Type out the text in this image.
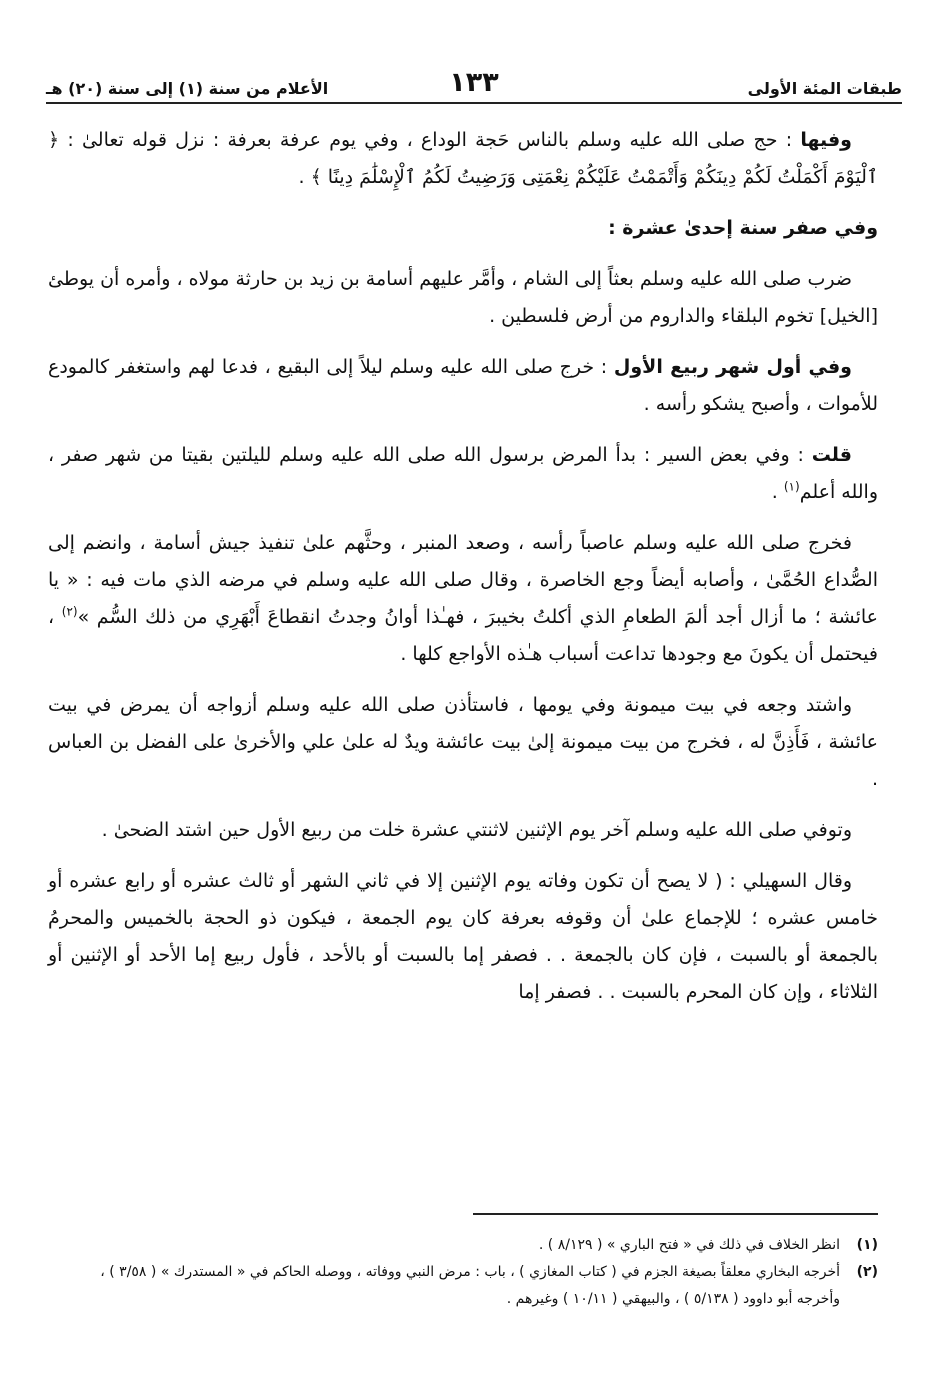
طبقات المئة الأولى
١٣٣
الأعلام من سنة (١) إلى سنة (٢٠) هـ

وفيها : حج صلى الله عليه وسلم بالناس حَجة الوداع ، وفي يوم عرفة بعرفة : نزل قوله تعالىٰ : ﴿ ٱلْيَوْمَ أَكْمَلْتُ لَكُمْ دِينَكُمْ وَأَتْمَمْتُ عَلَيْكُمْ نِعْمَتِى وَرَضِيتُ لَكُمُ ٱلْإِسْلَٰمَ دِينًا ﴾ .

وفي صفر سنة إحدىٰ عشرة :

ضرب صلى الله عليه وسلم بعثاً إلى الشام ، وأمَّر عليهم أسامة بن زيد بن حارثة مولاه ، وأمره أن يوطئ [الخيل] تخوم البلقاء والداروم من أرض فلسطين .

وفي أول شهر ربيع الأول : خرج صلى الله عليه وسلم ليلاً إلى البقيع ، فدعا لهم واستغفر كالمودع للأموات ، وأصبح يشكو رأسه .

قلت : وفي بعض السير : بدأ المرض برسول الله صلى الله عليه وسلم لليلتين بقيتا من شهر صفر ، والله أعلم$^{(١)}$ .

فخرج صلى الله عليه وسلم عاصباً رأسه ، وصعد المنبر ، وحثَّهم علىٰ تنفيذ جيش أسامة ، وانضم إلى الصُّداع الحُمَّىٰ ، وأصابه أيضاً وجع الخاصرة ، وقال صلى الله عليه وسلم في مرضه الذي مات فيه : « يا عائشة ؛ ما أزال أجد ألمَ الطعامِ الذي أكلتُ بخيبرَ ، فهـٰذا أوانُ وجدتُ انقطاعَ أَبْهَرِي من ذلك السُّم »$^{(٢)}$ ، فيحتمل أن يكونَ مع وجودها تداعت أسباب هـٰذه الأواجع كلها .

واشتد وجعه في بيت ميمونة وفي يومها ، فاستأذن صلى الله عليه وسلم أزواجه أن يمرض في بيت عائشة ، فَأَذِنَّ له ، فخرج من بيت ميمونة إلىٰ بيت عائشة ويدٌ له علىٰ علي والأخرىٰ على الفضل بن العباس .

وتوفي صلى الله عليه وسلم آخر يوم الإثنين لاثنتي عشرة خلت من ربيع الأول حين اشتد الضحىٰ .

وقال السهيلي : ( لا يصح أن تكون وفاته يوم الإثنين إلا في ثاني الشهر أو ثالث عشره أو رابع عشره أو خامس عشره ؛ للإجماع علىٰ أن وقوفه بعرفة كان يوم الجمعة ، فيكون ذو الحجة بالخميس والمحرمُ بالجمعة أو بالسبت ، فإن كان بالجمعة . . فصفر إما بالسبت أو بالأحد ، فأول ربيع إما الأحد أو الإثنين أو الثلاثاء ، وإن كان المحرم بالسبت . . فصفر إما

(١)
انظر الخلاف في ذلك في « فتح الباري » ( ٨/١٢٩ ) .
(٢)
أخرجه البخاري معلقاً بصيغة الجزم في ( كتاب المغازي ) ، باب : مرض النبي ووفاته ، ووصله الحاكم في « المستدرك » ( ٣/٥٨ ) ، وأخرجه أبو داوود ( ٥/١٣٨ ) ، والبيهقي ( ١٠/١١ ) وغيرهم .
